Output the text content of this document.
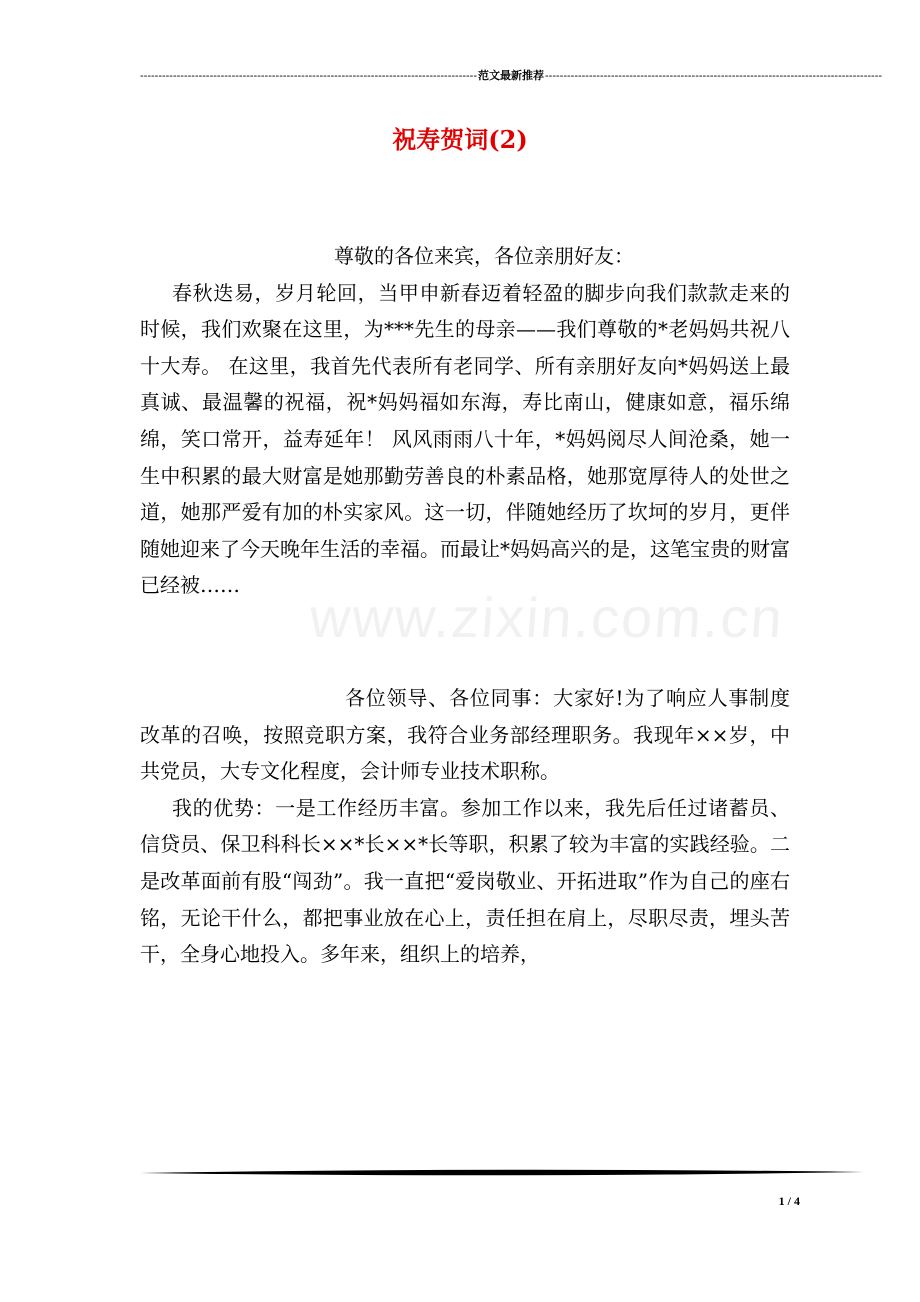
-------------------------------------------------------------------------------------------- 范文最新推荐 --------------------------------------------------------------------------------------------
祝寿贺词(2)
www.zixin.com.cn

尊敬的各位来宾，各位亲朋好友：

春秋迭易，岁月轮回，当甲申新春迈着轻盈的脚步向我们款款走来的时候，我们欢聚在这里，为***先生的母亲——我们尊敬的*老妈妈共祝八十大寿。 在这里，我首先代表所有老同学、所有亲朋好友向*妈妈送上最真诚、最温馨的祝福，祝*妈妈福如东海，寿比南山，健康如意，福乐绵绵，笑口常开，益寿延年！ 风风雨雨八十年，*妈妈阅尽人间沧桑，她一生中积累的最大财富是她那勤劳善良的朴素品格，她那宽厚待人的处世之道，她那严爱有加的朴实家风。这一切，伴随她经历了坎坷的岁月，更伴随她迎来了今天晚年生活的幸福。而最让*妈妈高兴的是，这笔宝贵的财富已经被……

各位领导、各位同事：大家好!为了响应人事制度改革的召唤，按照竞职方案，我符合业务部经理职务。我现年××岁，中共党员，大专文化程度，会计师专业技术职称。

我的优势：一是工作经历丰富。参加工作以来，我先后任过诸蓄员、信贷员、保卫科科长××*长××*长等职，积累了较为丰富的实践经验。二是改革面前有股“闯劲”。我一直把“爱岗敬业、开拓进取”作为自己的座右铭，无论干什么，都把事业放在心上，责任担在肩上，尽职尽责，埋头苦干，全身心地投入。多年来，组织上的培养，

1 / 4
